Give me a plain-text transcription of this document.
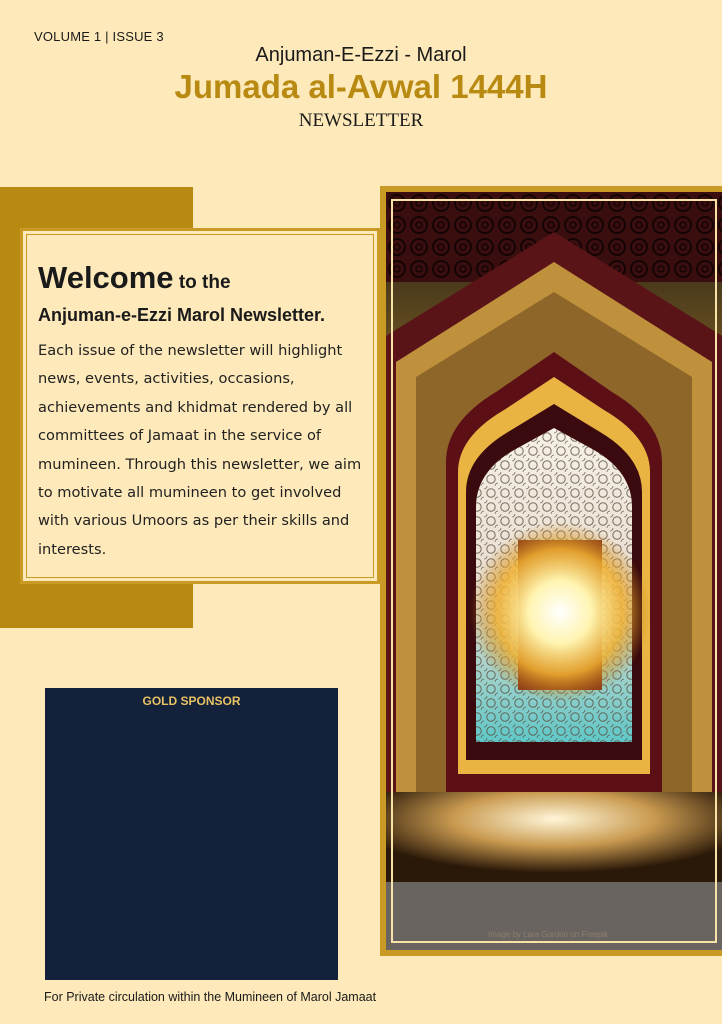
VOLUME 1 | ISSUE 3
Anjuman-E-Ezzi - Marol
Jumada al-Avwal 1444H
NEWSLETTER
Welcome to the
Anjuman-e-Ezzi Marol Newsletter.
Each issue of the newsletter will highlight news, events, activities, occasions, achievements and khidmat rendered by all committees of Jamaat in the service of mumineen. Through this newsletter, we aim to motivate all mumineen to get involved with various Umoors as per their skills and interests.
GOLD SPONSOR
For Private circulation within the Mumineen of Marol Jamaat
Image by Lara Gordon on Freepik
